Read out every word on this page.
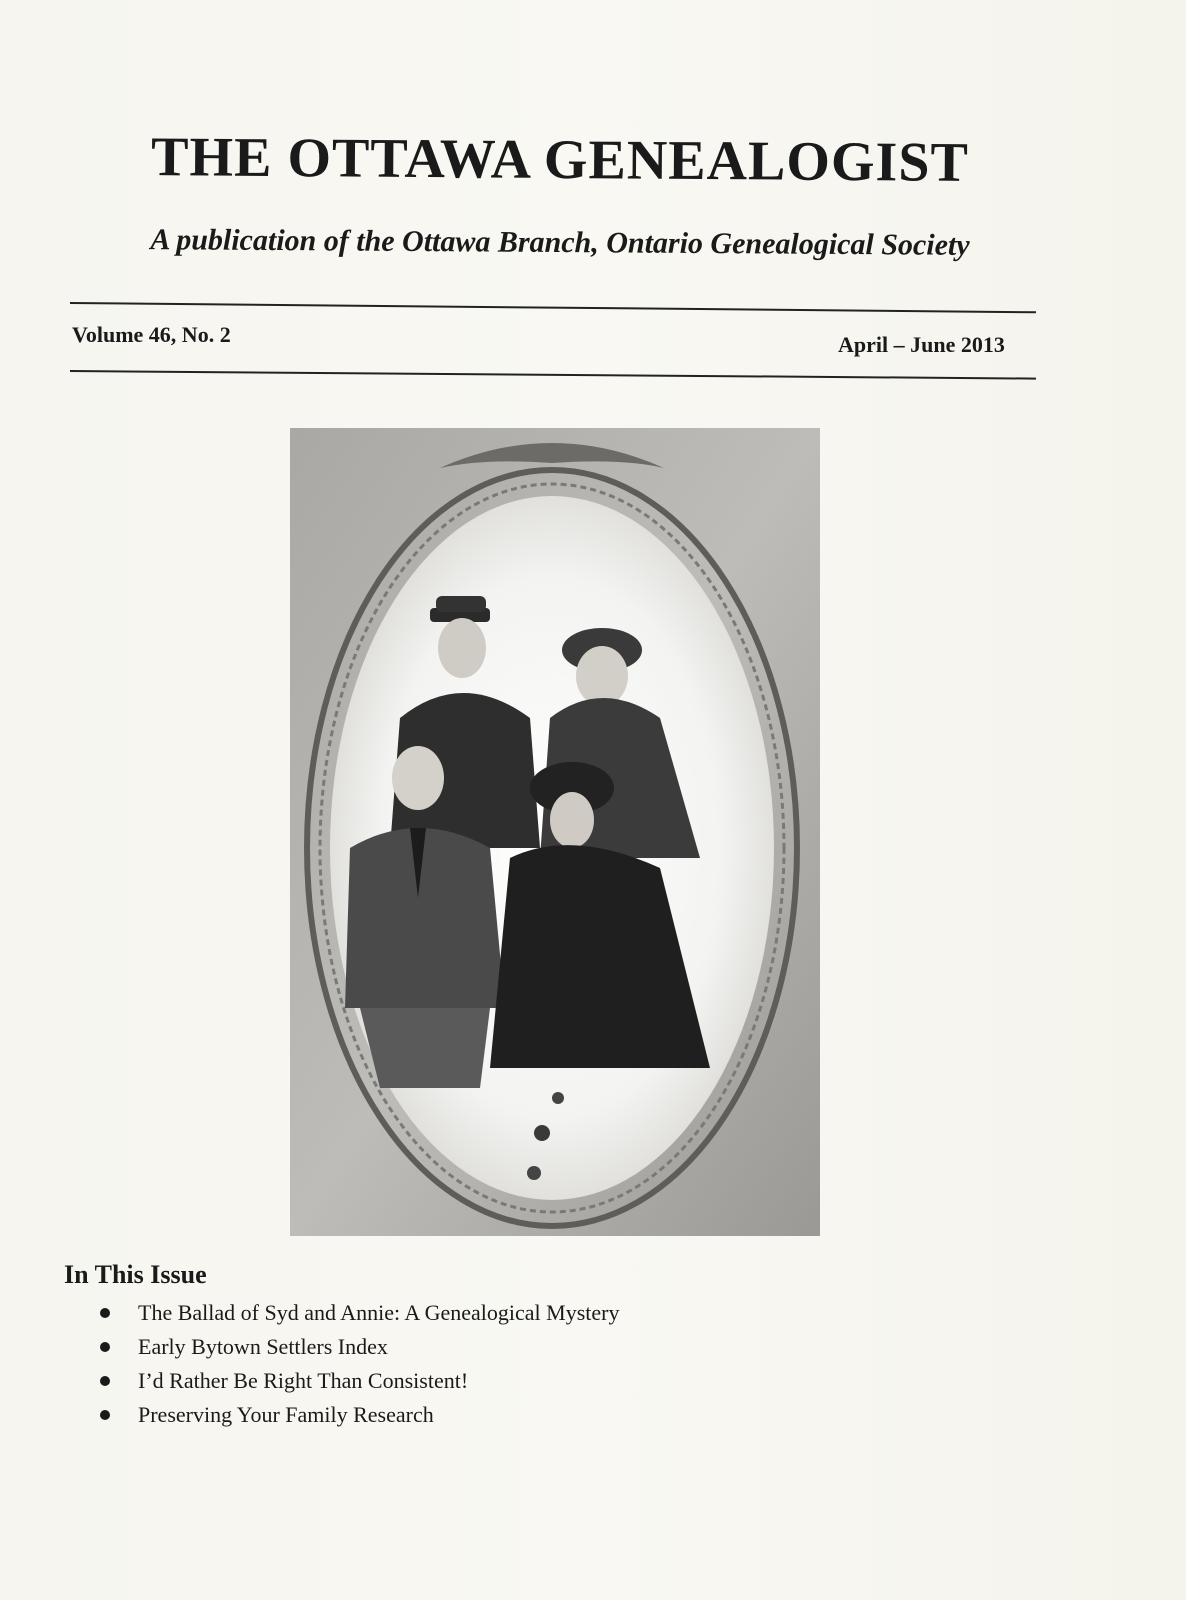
THE OTTAWA GENEALOGIST
A publication of the Ottawa Branch, Ontario Genealogical Society
Volume 46, No. 2	April – June 2013
In This Issue
The Ballad of Syd and Annie: A Genealogical Mystery
Early Bytown Settlers Index
I’d Rather Be Right Than Consistent!
Preserving Your Family Research
